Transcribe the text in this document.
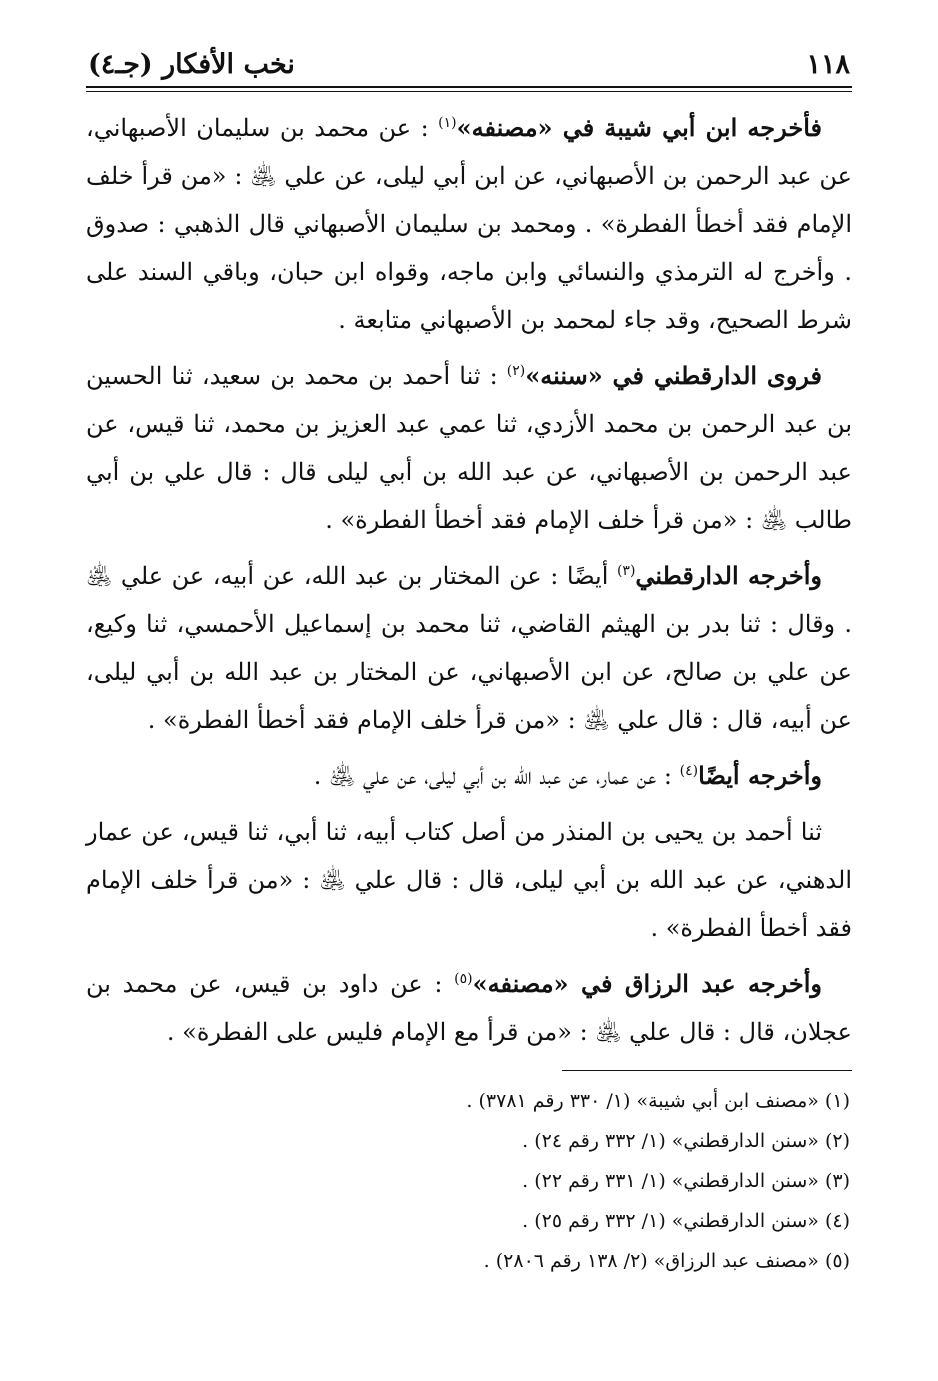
١١٨
نخب الأفكار (جـ٤)

فأخرجه ابن أبي شيبة في «مصنفه»$^{(١)}$ : عن محمد بن سليمان الأصبهاني، عن عبد الرحمن بن الأصبهاني، عن ابن أبي ليلى، عن علي ﵁ : «من قرأ خلف الإمام فقد أخطأ الفطرة» . ومحمد بن سليمان الأصبهاني قال الذهبي : صدوق . وأخرج له الترمذي والنسائي وابن ماجه، وقواه ابن حبان، وباقي السند على شرط الصحيح، وقد جاء لمحمد بن الأصبهاني متابعة .

فروى الدارقطني في «سننه»$^{(٢)}$ : ثنا أحمد بن محمد بن سعيد، ثنا الحسين بن عبد الرحمن بن محمد الأزدي، ثنا عمي عبد العزيز بن محمد، ثنا قيس، عن عبد الرحمن بن الأصبهاني، عن عبد الله بن أبي ليلى قال : قال علي بن أبي طالب ﵁ : «من قرأ خلف الإمام فقد أخطأ الفطرة» .

وأخرجه الدارقطني$^{(٣)}$ أيضًا : عن المختار بن عبد الله، عن أبيه، عن علي ﵁ . وقال : ثنا بدر بن الهيثم القاضي، ثنا محمد بن إسماعيل الأحمسي، ثنا وكيع، عن علي بن صالح، عن ابن الأصبهاني، عن المختار بن عبد الله بن أبي ليلى، عن أبيه، قال : قال علي ﵁ : «من قرأ خلف الإمام فقد أخطأ الفطرة» .

وأخرجه أيضًا$^{(٤)}$ : عن عمار، عن عبد الله بن أبي ليلى، عن علي ﵁ .

ثنا أحمد بن يحيى بن المنذر من أصل كتاب أبيه، ثنا أبي، ثنا قيس، عن عمار الدهني، عن عبد الله بن أبي ليلى، قال : قال علي ﵁ : «من قرأ خلف الإمام فقد أخطأ الفطرة» .

وأخرجه عبد الرزاق في «مصنفه»$^{(٥)}$ : عن داود بن قيس، عن محمد بن عجلان، قال : قال علي ﵁ : «من قرأ مع الإمام فليس على الفطرة» .

(١) «مصنف ابن أبي شيبة» (١/ ٣٣٠ رقم ٣٧٨١) .

(٢) «سنن الدارقطني» (١/ ٣٣٢ رقم ٢٤) .

(٣) «سنن الدارقطني» (١/ ٣٣١ رقم ٢٢) .

(٤) «سنن الدارقطني» (١/ ٣٣٢ رقم ٢٥) .

(٥) «مصنف عبد الرزاق» (٢/ ١٣٨ رقم ٢٨٠٦) .
